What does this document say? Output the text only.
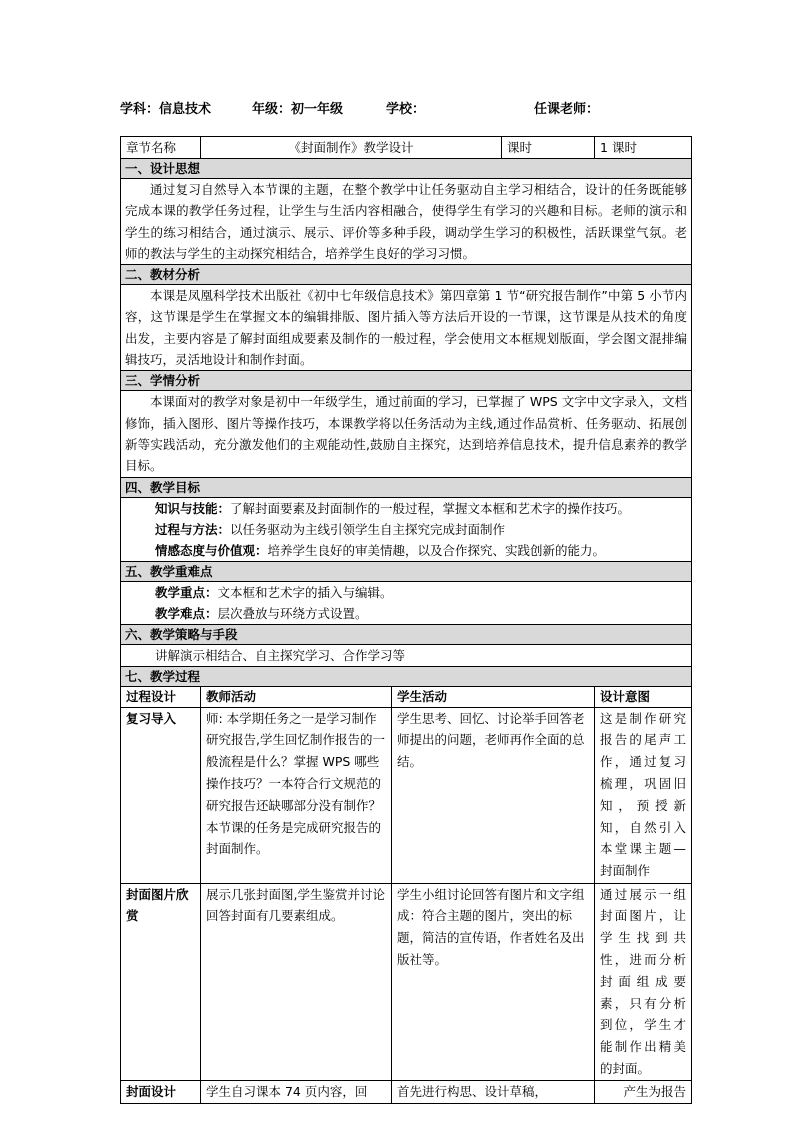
学科：信息技术	年级：初一年级	学校：	任课老师：
章节名称	《封面制作》教学设计		课时	1 课时
一、设计思想				
通过复习自然导入本节课的主题，在整个教学中让任务驱动自主学习相结合，设计的任务既能够完成本课的教学任务过程，让学生与生活内容相融合，使得学生有学习的兴趣和目标。老师的演示和学生的练习相结合，通过演示、展示、评价等多种手段，调动学生学习的积极性，活跃课堂气氛。老师的教法与学生的主动探究相结合，培养学生良好的学习习惯。				
二、教材分析				
本课是凤凰科学技术出版社《初中七年级信息技术》第四章第 1 节“研究报告制作”中第 5 小节内容，这节课是学生在掌握文本的编辑排版、图片插入等方法后开设的一节课，这节课是从技术的角度出发，主要内容是了解封面组成要素及制作的一般过程，学会使用文本框规划版面，学会图文混排编辑技巧，灵活地设计和制作封面。				
三、学情分析				
本课面对的教学对象是初中一年级学生，通过前面的学习，已掌握了 WPS 文字中文字录入，文档修饰，插入图形、图片等操作技巧，本课教学将以任务活动为主线,通过作品赏析、任务驱动、拓展创新等实践活动，充分激发他们的主观能动性,鼓励自主探究，达到培养信息技术，提升信息素养的教学目标。				
四、教学目标				

知识与技能：了解封面要素及封面制作的一般过程，掌握文本框和艺术字的操作技巧。
过程与方法：以任务驱动为主线引领学生自主探究完成封面制作
情感态度与价值观：培养学生良好的审美情趣，以及合作探究、实践创新的能力。				

五、教学重难点				

教学重点：文本框和艺术字的插入与编辑。
教学难点：层次叠放与环绕方式设置。				

六、教学策略与手段				
讲解演示相结合、自主探究学习、合作学习等				
七、教学过程				
过程设计	教师活动	学生活动		设计意图
复习导入	师: 本学期任务之一是学习制作研究报告,学生回忆制作报告的一般流程是什么？掌握 WPS 哪些操作技巧？一本符合行文规范的研究报告还缺哪部分没有制作？本节课的任务是完成研究报告的封面制作。	学生思考、回忆、讨论举手回答老师提出的问题，老师再作全面的总结。		这是制作研究报告的尾声工作，通过复习梳理，巩固旧知，预授新知，自然引入本堂课主题—封面制作
封面图片欣赏	展示几张封面图,学生鉴赏并讨论回答封面有几要素组成。	学生小组讨论回答有图片和文字组成：符合主题的图片，突出的标题，简洁的宣传语，作者姓名及出版社等。		通过展示一组封面图片，让学生找到共性，进而分析封面组成要素，只有分析到位，学生才能制作出精美的封面。
封面设计	学生自习课本 74 页内容，回	首先进行构思、设计草稿，		产生为报告
